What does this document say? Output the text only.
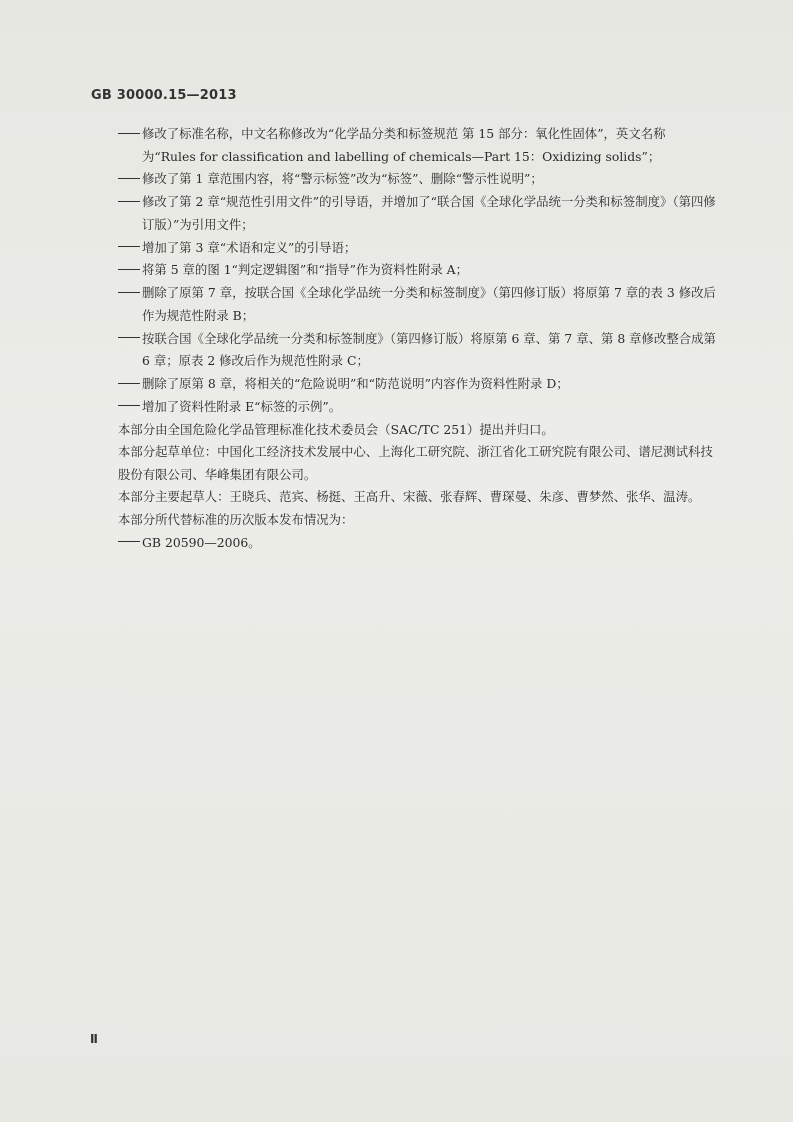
GB 30000.15—2013

修改了标准名称，中文名称修改为“化学品分类和标签规范 第 15 部分：氧化性固体”，英文名称为“Rules for classification and labelling of chemicals—Part 15：Oxidizing solids”；

修改了第 1 章范围内容，将“警示标签”改为“标签”、删除“警示性说明”；

修改了第 2 章“规范性引用文件”的引导语，并增加了“联合国《全球化学品统一分类和标签制度》（第四修订版）”为引用文件；

增加了第 3 章“术语和定义”的引导语；

将第 5 章的图 1“判定逻辑图”和“指导”作为资料性附录 A；

删除了原第 7 章，按联合国《全球化学品统一分类和标签制度》（第四修订版）将原第 7 章的表 3 修改后作为规范性附录 B；

按联合国《全球化学品统一分类和标签制度》（第四修订版）将原第 6 章、第 7 章、第 8 章修改整合成第 6 章；原表 2 修改后作为规范性附录 C；

删除了原第 8 章，将相关的“危险说明”和“防范说明”内容作为资料性附录 D；

增加了资料性附录 E“标签的示例”。

本部分由全国危险化学品管理标准化技术委员会（SAC/TC 251）提出并归口。

本部分起草单位：中国化工经济技术发展中心、上海化工研究院、浙江省化工研究院有限公司、谱尼测试科技股份有限公司、华峰集团有限公司。

本部分主要起草人：王晓兵、范宾、杨挺、王高升、宋薇、张春辉、曹琛曼、朱彦、曹梦然、张华、温涛。

本部分所代替标准的历次版本发布情况为：

GB 20590—2006。

Ⅱ
